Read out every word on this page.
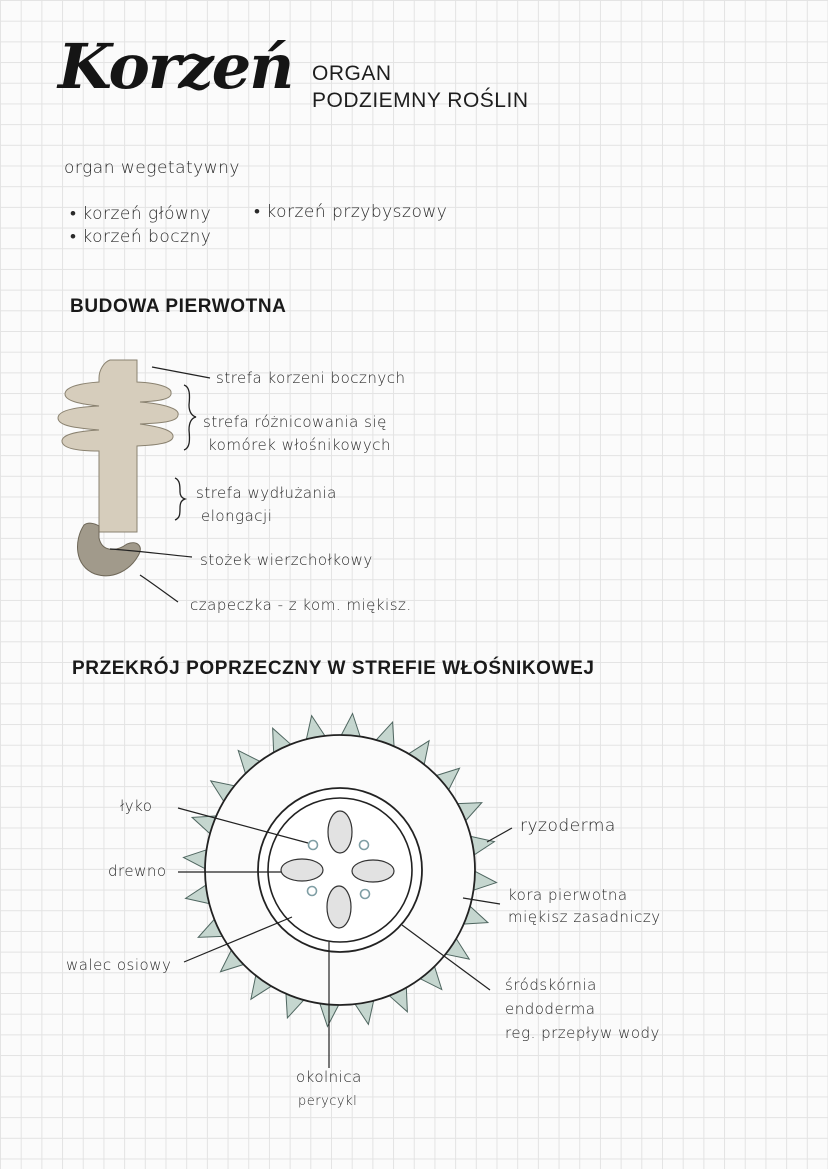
Korzeń ORGAN
PODZIEMNY ROŚLIN
organ wegetatywny
• korzeń główny
•	korzeń przybyszowy
• korzeń boczny
BUDOWA PIERWOTNA
strefa korzeni bocznych
strefa różnicowania się
komórek włośnikowych
strefa wydłużania
elongacji
stożek wierzchołkowy
czapeczka - z kom. miękisz.
PRZEKRÓJ POPRZECZNY W STREFIE WŁOŚNIKOWEJ
łyko
drewno
walec osiowy
ryzoderma
kora pierwotna
miękisz zasadniczy
śródskórnia
endoderma
reg. przepływ wody
okolnica
perycykl
